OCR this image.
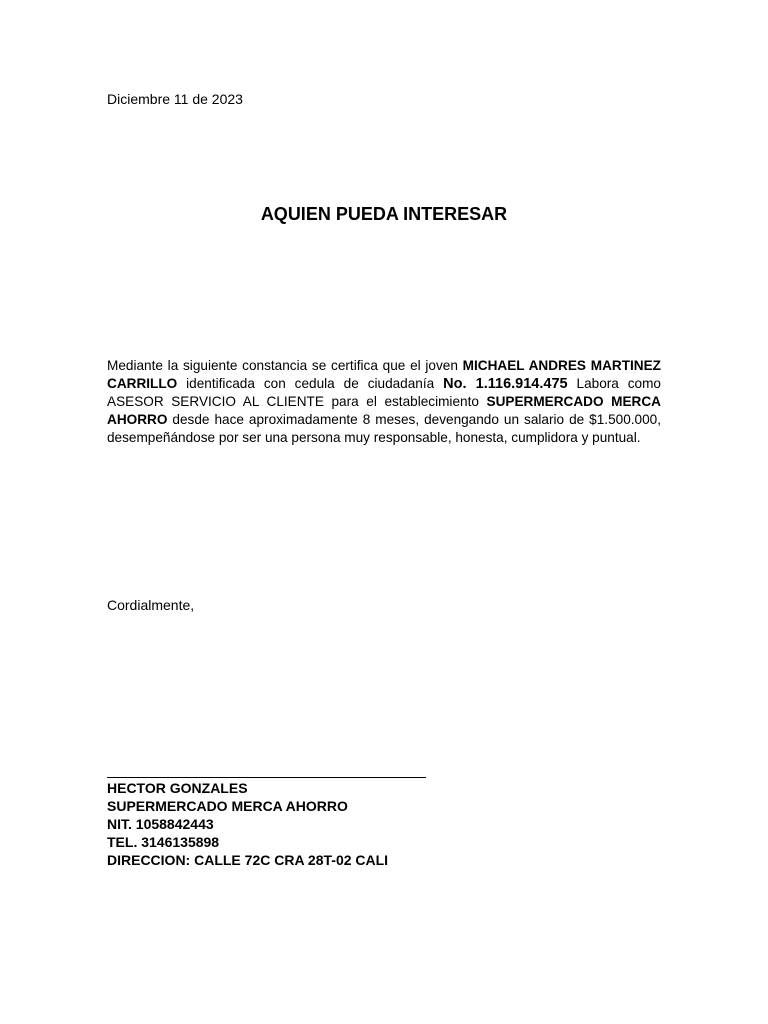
Diciembre 11 de 2023
AQUIEN PUEDA INTERESAR
Mediante la siguiente constancia se certifica que el joven MICHAEL ANDRES MARTINEZ CARRILLO identificada con cedula de ciudadanía No. 1.116.914.475 Labora como ASESOR SERVICIO AL CLIENTE para el establecimiento SUPERMERCADO MERCA AHORRO desde hace aproximadamente 8 meses, devengando un salario de $1.500.000, desempeñándose por ser una persona muy responsable, honesta, cumplidora y puntual.
Cordialmente,
HECTOR GONZALES
SUPERMERCADO MERCA AHORRO
NIT. 1058842443
TEL. 3146135898
DIRECCION: CALLE 72C CRA 28T-02 CALI
